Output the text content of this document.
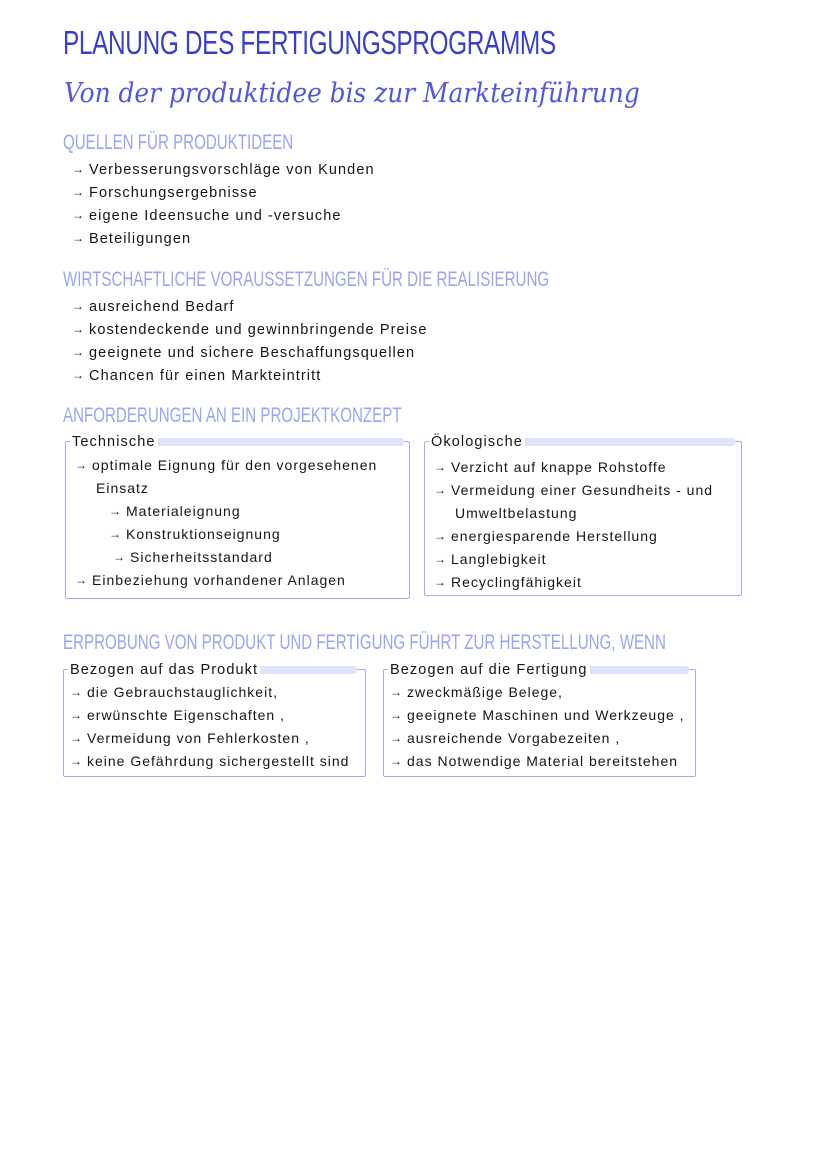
PLANUNG DES FERTIGUNGSPROGRAMMS
Von der produktidee bis zur Markteinführung
QUELLEN FÜR PRODUKTIDEEN
→ Verbesserungsvorschläge von Kunden
→ Forschungsergebnisse
→ eigene Ideensuche und -versuche
→ Beteiligungen
WIRTSCHAFTLICHE VORAUSSETZUNGEN FÜR DIE REALISIERUNG
→ ausreichend Bedarf
→ kostendeckende und gewinnbringende Preise
→ geeignete und sichere Beschaffungsquellen
→ Chancen für einen Markteintritt
ANFORDERUNGEN AN EIN PROJEKTKONZEPT
Technische
→ optimale Eignung für den vorgesehenen
Einsatz
→ Materialeignung
→ Konstruktionseignung
→ Sicherheitsstandard
→ Einbeziehung vorhandener Anlagen
Ökologische
→ Verzicht auf knappe Rohstoffe
→ Vermeidung einer Gesundheits - und
Umweltbelastung
→ energiesparende Herstellung
→ Langlebigkeit
→ Recyclingfähigkeit
ERPROBUNG VON PRODUKT UND FERTIGUNG FÜHRT ZUR HERSTELLUNG, WENN
Bezogen auf das Produkt
→ die Gebrauchstauglichkeit,
→ erwünschte Eigenschaften ,
→ Vermeidung von Fehlerkosten ,
→ keine Gefährdung sichergestellt sind
Bezogen auf die Fertigung
→ zweckmäßige Belege,
→ geeignete Maschinen und Werkzeuge ,
→ ausreichende Vorgabezeiten ,
→ das Notwendige Material bereitstehen
